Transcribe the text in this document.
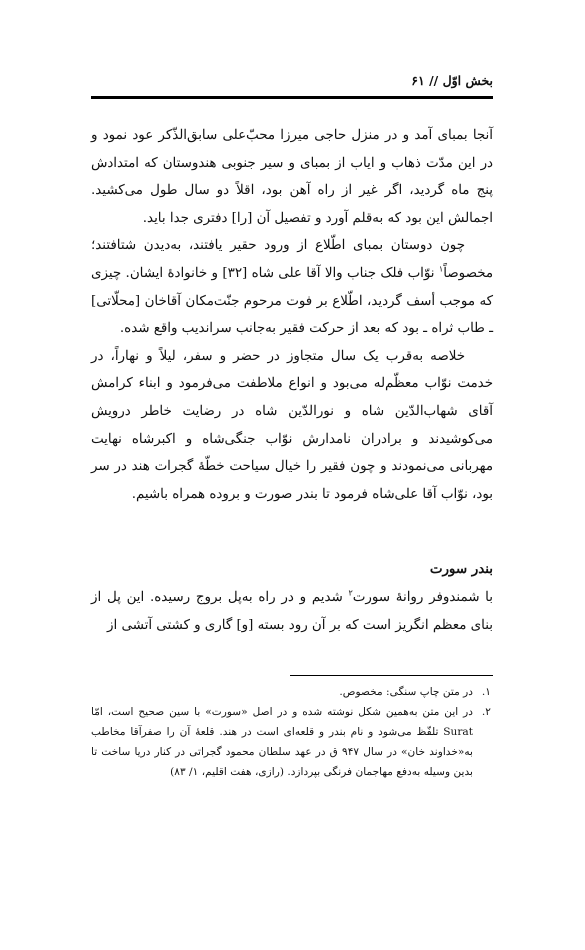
بخش اوّل // ۶۱

آنجا بمبای آمد و در منزل حاجی میرزا محبّ‌علی سابق‌الذّکر عود نمود و در این مدّت ذهاب و ایاب از بمبای و سیر جنوبی هندوستان که امتدادش پنج ماه گردید، اگر غیر از راه آهن بود، اقلاً دو سال طول می‌کشید. اجمالش این بود که به‌قلم آورد و تفصیل آن [را] دفتری جدا باید.

چون دوستان بمبای اطّلاع از ورود حقیر یافتند، به‌دیدن شتافتند؛ مخصوصاً$^۱$ نوّاب فلک جناب والا آقا علی شاه [۳۲] و خانوادهٔ ایشان. چیزی که موجب أسف گردید، اطّلاع بر فوت مرحوم جنّت‌مکان آقاخان [محلّاتی] ـ طاب ثراه ـ بود که بعد از حرکت فقیر به‌جانب سراندیب واقع شده.

خلاصه به‌قرب یک سال متجاوز در حضر و سفر، لیلاً و نهاراً، در خدمت نوّاب معظّم‌له می‌بود و انواع ملاطفت می‌فرمود و ابناء کرامش آقای شهاب‌الدّین شاه و نورالدّین شاه در رضایت خاطر درویش می‌کوشیدند و برادران نامدارش نوّاب جنگی‌شاه و اکبرشاه نهایت مهربانی می‌نمودند و چون فقیر را خیال سیاحت خطّهٔ گجرات هند در سر بود، نوّاب آقا علی‌شاه فرمود تا بندر صورت و بروده همراه باشیم.

بندر سورت

با شمندوفر روانهٔ سورت$^۲$ شدیم و در راه به‌پل بروج رسیده. این پل از بنای معظم انگریز است که بر آن رود بسته [و] گاری و کشتی آتشی از

۱.
در متن چاپ سنگی: مخصوص.

۲.
در این متن به‌همین شکل نوشته شده و در اصل «سورت» با سین صحیح است، امّا Surat تلفّظ می‌شود و نام بندر و قلعه‌ای است در هند. قلعهٔ آن را صفرآقا مخاطب به«خداوند خان» در سال ۹۴۷ ق در عهد سلطان محمود گجراتی در کنار دریا ساخت تا بدین وسیله به‌دفع مهاجمان فرنگی بپردازد. (رازی، هفت اقلیم، ۱/ ۸۳)
